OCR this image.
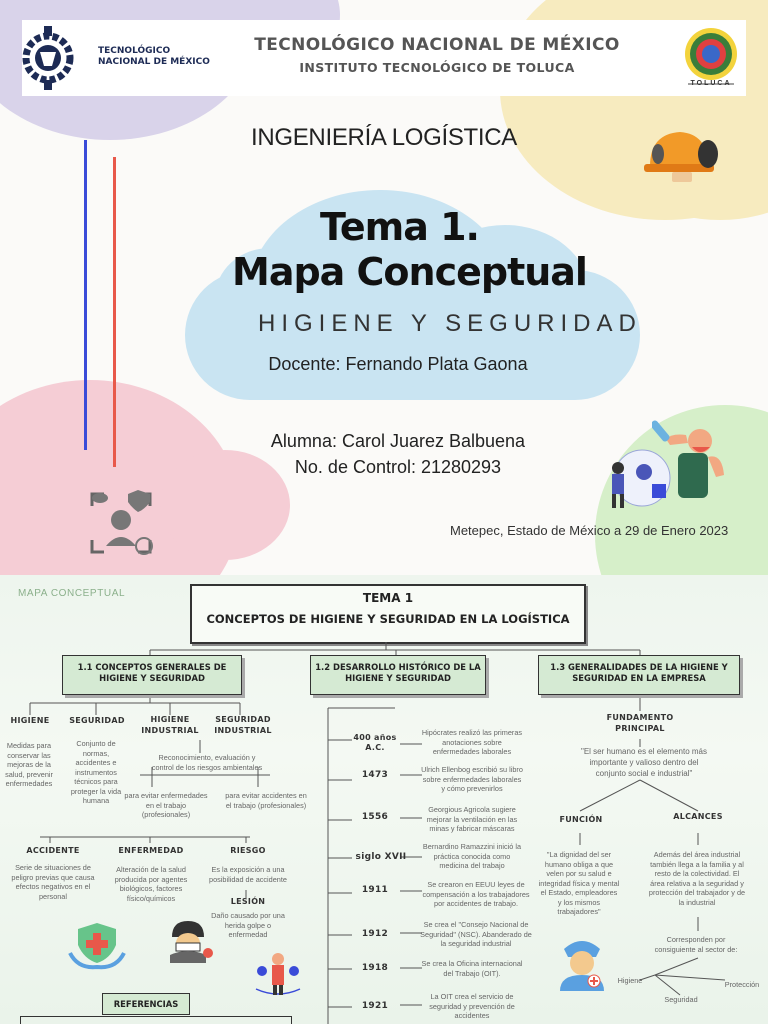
TECNOLÓGICO
NACIONAL DE MÉXICO
TECNOLÓGICO NACIONAL DE MÉXICO
INSTITUTO TECNOLÓGICO DE TOLUCA
TOLUCA
INGENIERÍA LOGÍSTICA
Tema 1.
Mapa Conceptual
HIGIENE Y SEGURIDAD
Docente: Fernando Plata Gaona
Alumna: Carol Juarez Balbuena
No. de Control: 21280293
Metepec, Estado de México a 29 de Enero 2023
MAPA CONCEPTUAL	TEMA 1
CONCEPTOS DE HIGIENE Y SEGURIDAD EN LA LOGÍSTICA
1.1 CONCEPTOS GENERALES DE HIGIENE Y SEGURIDAD
1.2 DESARROLLO HISTÓRICO DE LA HIGIENE Y SEGURIDAD
1.3 GENERALIDADES DE LA HIGIENE Y SEGURIDAD EN LA EMPRESA
HIGIENE	SEGURIDAD	HIGIENE INDUSTRIAL
SEGURIDAD INDUSTRIAL
Medidas para conservar las mejoras de la salud, prevenir enfermedades
Conjunto de normas, accidentes e instrumentos técnicos para proteger la vida humana
Reconocimiento, evaluación y control de los riesgos ambientales
para evitar enfermedades en el trabajo (profesionales)
para evitar accidentes en el trabajo (profesionales)
ACCIDENTE	ENFERMEDAD	RIESGO
Serie de situaciones de peligro previas que causa efectos negativos en el personal
Alteración de la salud producida por agentes biológicos, factores físico/químicos
Es la exposición a una posibilidad de accidente
LESIÓN
Daño causado por una herida golpe o enfermedad
REFERENCIAS
400 años A.C.
Hipócrates realizó las primeras anotaciones sobre enfermedades laborales
1473
Ulrich Ellenbog escribió su libro sobre enfermedades laborales y cómo prevenirlos
1556
Georgious Agricola sugiere mejorar la ventilación en las minas y fabricar máscaras
siglo XVII
Bernardino Ramazzini inició la práctica conocida como medicina del trabajo
1911
Se crearon en EEUU leyes de compensación a los trabajadores por accidentes de trabajo.
1912
Se crea el "Consejo Nacional de Seguridad" (NSC). Abanderado de la seguridad industrial
1918	Se crea la Oficina internacional del Trabajo (OIT).
1921
La OIT crea el servicio de seguridad y prevención de accidentes
FUNDAMENTO PRINCIPAL
"El ser humano es el elemento más importante y valioso dentro del conjunto social e industrial"
FUNCIÓN	ALCANCES
"La dignidad del ser humano obliga a que velen por su salud e integridad física y mental el Estado, empleadores y los mismos trabajadores"
Además del área industrial también llega a la familia y al resto de la colectividad. El área relativa a la seguridad y protección del trabajador y de la industrial
Corresponden por consiguiente al sector de:
Higiene
Seguridad
Protección
